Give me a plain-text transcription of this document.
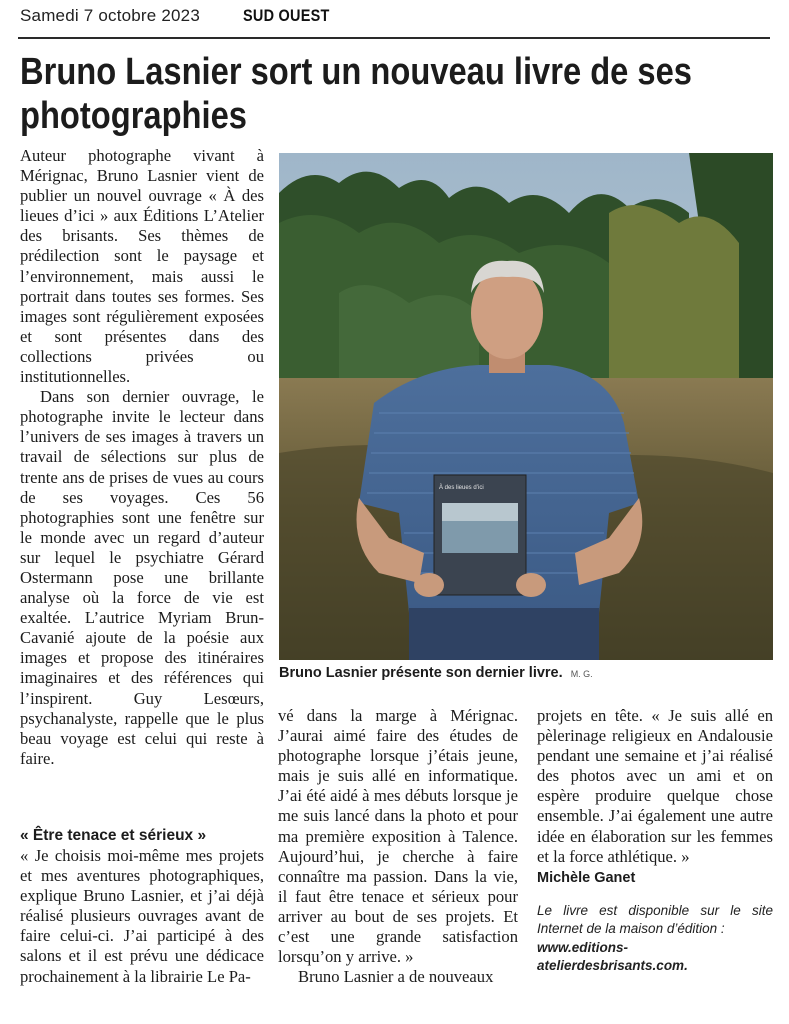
Samedi 7 octobre 2023	SUD OUEST
Bruno Lasnier sort un nouveau livre de ses photographies

Auteur photographe vivant à Mérignac, Bruno Lasnier vient de publier un nouvel ouvrage « À des lieues d’ici » aux Éditions L’Atelier des brisants. Ses thèmes de prédilection sont le paysage et l’environnement, mais aussi le portrait dans toutes ses formes. Ses images sont régulièrement exposées et sont présentes dans des collections privées ou institutionnelles.

Dans son dernier ouvrage, le photographe invite le lecteur dans l’univers de ses images à travers un travail de sélections sur plus de trente ans de prises de vues au cours de ses voyages. Ces 56 photographies sont une fenêtre sur le monde avec un regard d’auteur sur lequel le psychiatre Gérard Ostermann pose une brillante analyse où la force de vie est exaltée. L’autrice Myriam Brun-Cavanié ajoute de la poésie aux images et propose des itinéraires imaginaires et des références qui l’inspirent. Guy Lesœurs, psychanalyste, rappelle que le plus beau voyage est celui qui reste à faire.

« Être tenace et sérieux »

« Je choisis moi-même mes projets et mes aventures photographiques, explique Bruno Lasnier, et j’ai déjà réalisé plusieurs ouvrages avant de faire celui-ci. J’ai participé à des salons et il est prévu une dédicace prochainement à la librairie Le Pa-

vé dans la marge à Mérignac. J’aurai aimé faire des études de photographe lorsque j’étais jeune, mais je suis allé en informatique. J’ai été aidé à mes débuts lorsque je me suis lancé dans la photo et pour ma première exposition à Talence. Aujourd’hui, je cherche à faire connaître ma passion. Dans la vie, il faut être tenace et sérieux pour arriver au bout de ses projets. Et c’est une grande satisfaction lorsqu’on y arrive. »

Bruno Lasnier a de nouveaux

projets en tête. « Je suis allé en pèlerinage religieux en Andalousie pendant une semaine et j’ai réalisé des photos avec un ami et on espère produire quelque chose ensemble. J’ai également une autre idée en élaboration sur les femmes et la force athlétique. »

Michèle Ganet
Le livre est disponible sur le site Internet de la maison d’édition :
www.editions-atelierdesbrisants.com.
À des lieues d’ici
Bruno Lasnier présente son dernier livre. M. G.
